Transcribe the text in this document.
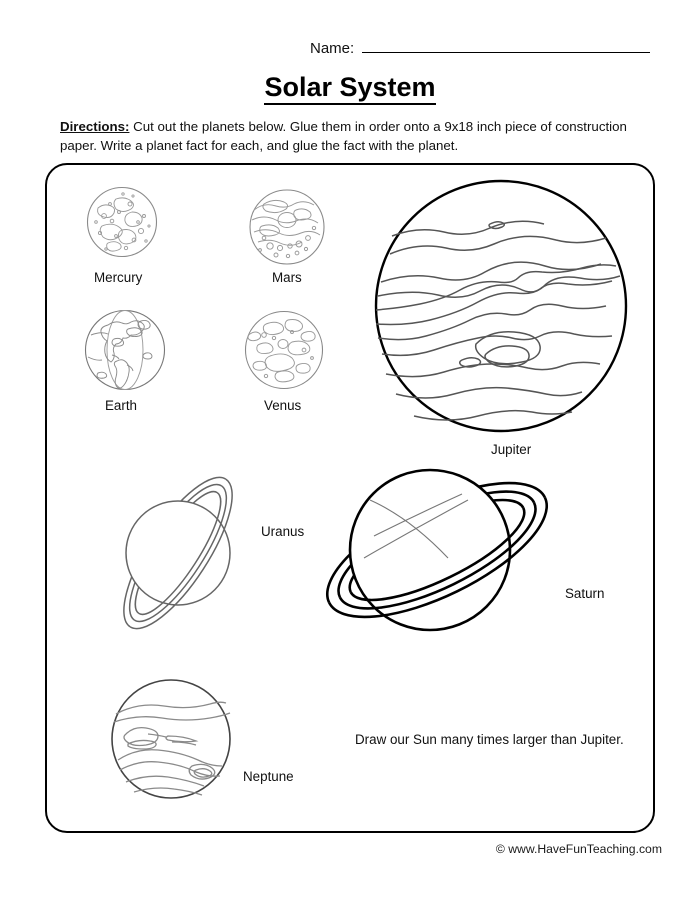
Name:
Solar System
Directions: Cut out the planets below. Glue them in order onto a 9x18 inch piece of construction paper. Write a planet fact for each, and glue the fact with the planet.
Mercury	Mars
Earth	Venus
Jupiter
Uranus
Saturn
Neptune
Draw our Sun many times larger than Jupiter.
© www.HaveFunTeaching.com
